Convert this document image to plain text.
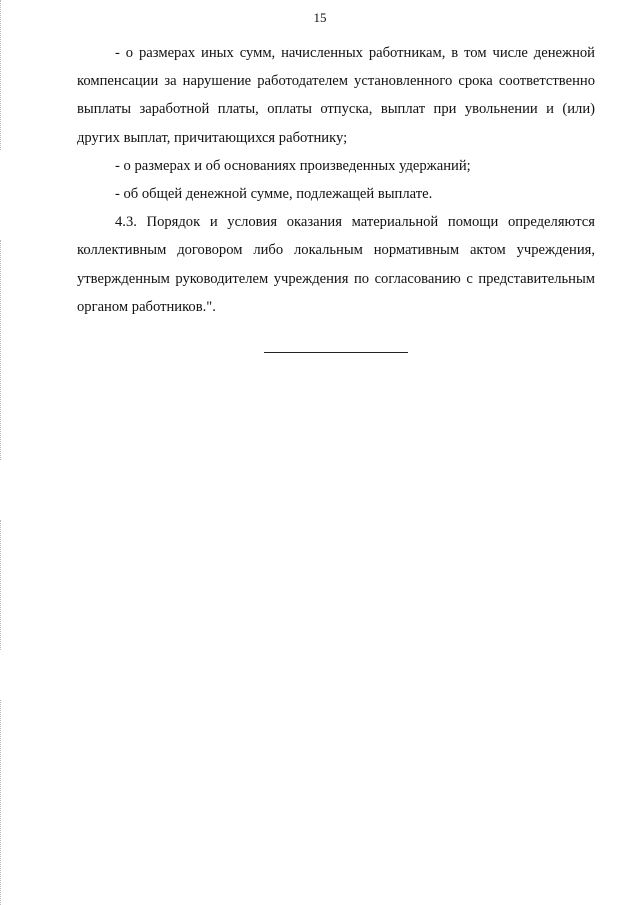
15

- о размерах иных сумм, начисленных работникам, в том числе денежной компенсации за нарушение работодателем установленного срока соответственно выплаты заработной платы, оплаты отпуска, выплат при увольнении и (или) других выплат, причитающихся работнику;

- о размерах и об основаниях произведенных удержаний;

- об общей денежной сумме, подлежащей выплате.

4.3. Порядок и условия оказания материальной помощи определяются коллективным договором либо локальным нормативным актом учреждения, утвержденным руководителем учреждения по согласованию с представительным органом работников.".
